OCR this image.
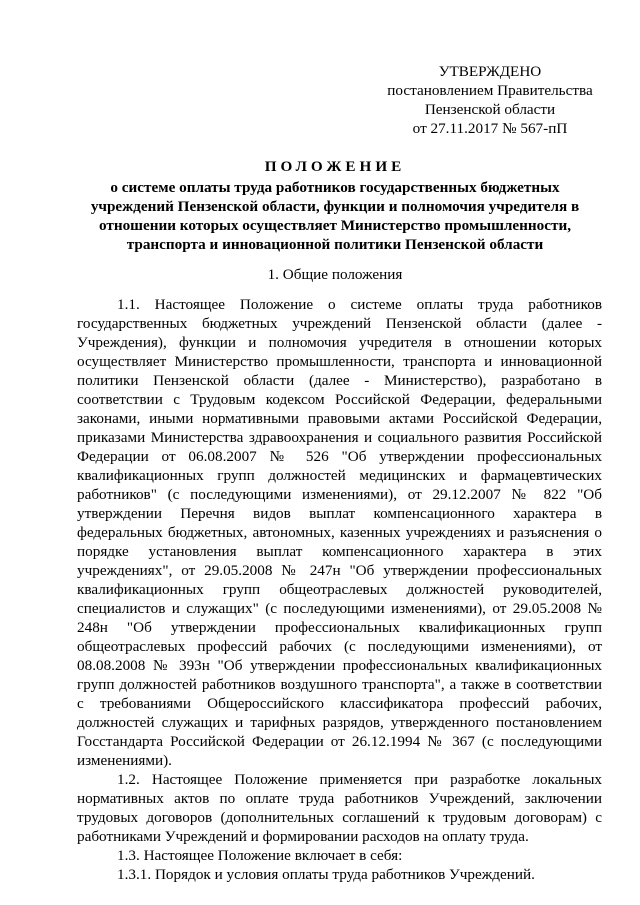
УТВЕРЖДЕНО
постановлением Правительства
Пензенской области
от 27.11.2017 № 567-пП
ПОЛОЖЕНИЕ
о системе оплаты труда работников государственных бюджетных учреждений Пензенской области, функции и полномочия учредителя в отношении которых осуществляет Министерство промышленности, транспорта и инновационной политики Пензенской области
1. Общие положения

1.1. Настоящее Положение о системе оплаты труда работников государственных бюджетных учреждений Пензенской области (далее - Учреждения), функции и полномочия учредителя в отношении которых осуществляет Министерство промышленности, транспорта и инновационной политики Пензенской области (далее - Министерство), разработано в соответствии с Трудовым кодексом Российской Федерации, федеральными законами, иными нормативными правовыми актами Российской Федерации, приказами Министерства здравоохранения и социального развития Российской Федерации от 06.08.2007 № 526 "Об утверждении профессиональных квалификационных групп должностей медицинских и фармацевтических работников" (с последующими изменениями), от 29.12.2007 № 822 "Об утверждении Перечня видов выплат компенсационного характера в федеральных бюджетных, автономных, казенных учреждениях и разъяснения о порядке установления выплат компенсационного характера в этих учреждениях", от 29.05.2008 № 247н "Об утверждении профессиональных квалификационных групп общеотраслевых должностей руководителей, специалистов и служащих" (с последующими изменениями), от 29.05.2008 № 248н "Об утверждении профессиональных квалификационных групп общеотраслевых профессий рабочих (с последующими изменениями), от 08.08.2008 № 393н "Об утверждении профессиональных квалификационных групп должностей работников воздушного транспорта", а также в соответствии с требованиями Общероссийского классификатора профессий рабочих, должностей служащих и тарифных разрядов, утвержденного постановлением Госстандарта Российской Федерации от 26.12.1994 № 367 (с последующими изменениями).

1.2. Настоящее Положение применяется при разработке локальных нормативных актов по оплате труда работников Учреждений, заключении трудовых договоров (дополнительных соглашений к трудовым договорам) с работниками Учреждений и формировании расходов на оплату труда.

1.3. Настоящее Положение включает в себя:

1.3.1. Порядок и условия оплаты труда работников Учреждений.
